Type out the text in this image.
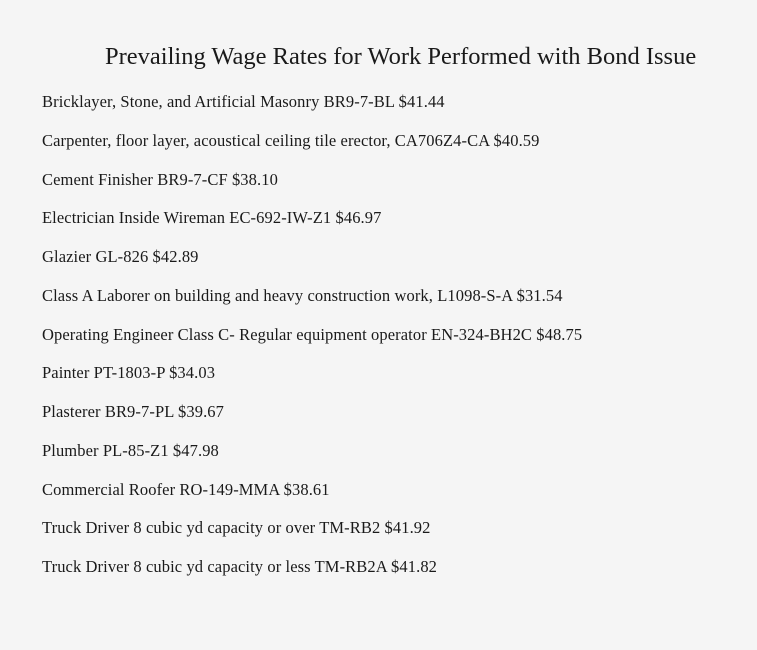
Prevailing Wage Rates for Work Performed with Bond Issue
Bricklayer, Stone, and Artificial Masonry BR9-7-BL $41.44
Carpenter, floor layer, acoustical ceiling tile erector, CA706Z4-CA $40.59
Cement Finisher BR9-7-CF $38.10
Electrician Inside Wireman EC-692-IW-Z1 $46.97
Glazier GL-826 $42.89
Class A Laborer on building and heavy construction work, L1098-S-A $31.54
Operating Engineer Class C- Regular equipment operator EN-324-BH2C $48.75
Painter PT-1803-P $34.03
Plasterer BR9-7-PL $39.67
Plumber PL-85-Z1 $47.98
Commercial Roofer RO-149-MMA $38.61
Truck Driver 8 cubic yd capacity or over TM-RB2 $41.92
Truck Driver 8 cubic yd capacity or less TM-RB2A $41.82
